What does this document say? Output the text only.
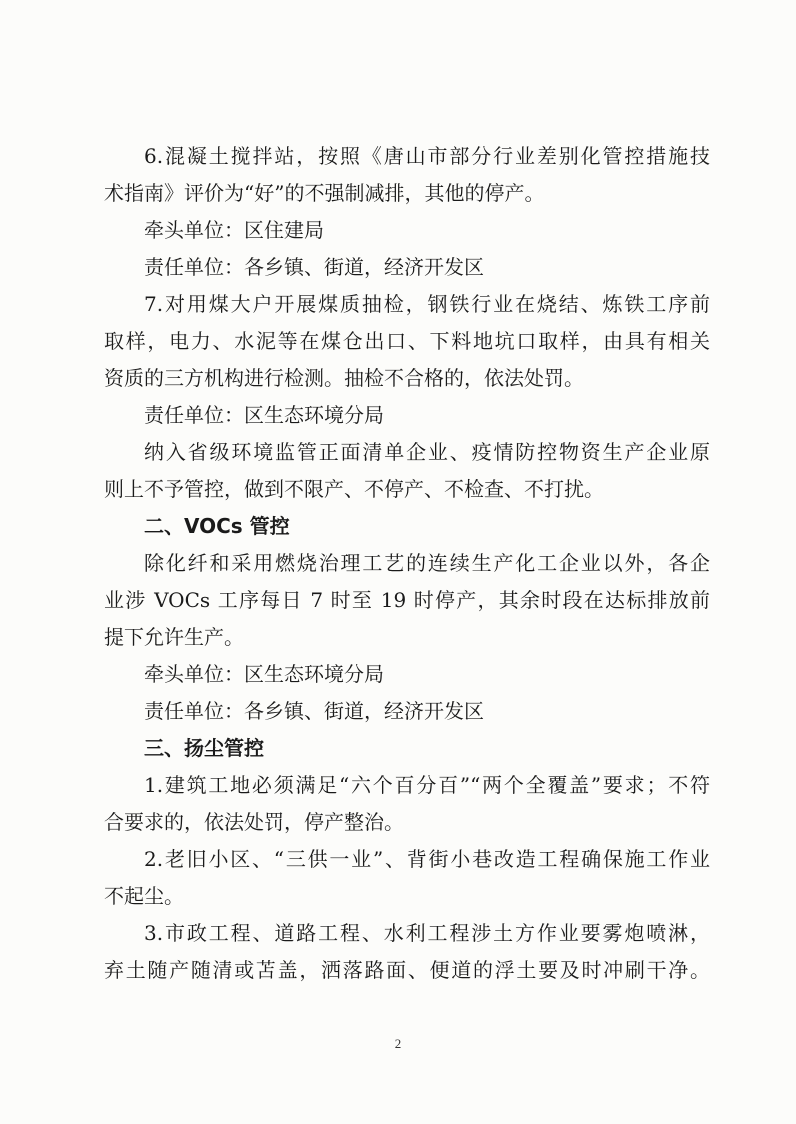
6.混凝土搅拌站，按照《唐山市部分行业差别化管控措施技
术指南》评价为“好”的不强制减排，其他的停产。
牵头单位：区住建局
责任单位：各乡镇、街道，经济开发区
7.对用煤大户开展煤质抽检，钢铁行业在烧结、炼铁工序前
取样，电力、水泥等在煤仓出口、下料地坑口取样，由具有相关
资质的三方机构进行检测。抽检不合格的，依法处罚。
责任单位：区生态环境分局
纳入省级环境监管正面清单企业、疫情防控物资生产企业原
则上不予管控，做到不限产、不停产、不检查、不打扰。
二、VOCs 管控
除化纤和采用燃烧治理工艺的连续生产化工企业以外，各企
业涉 VOCs 工序每日 7 时至 19 时停产，其余时段在达标排放前
提下允许生产。
牵头单位：区生态环境分局
责任单位：各乡镇、街道，经济开发区
三、扬尘管控
1.建筑工地必须满足“六个百分百”“两个全覆盖”要求；不符
合要求的，依法处罚，停产整治。
2.老旧小区、“三供一业”、背街小巷改造工程确保施工作业
不起尘。
3.市政工程、道路工程、水利工程涉土方作业要雾炮喷淋，
弃土随产随清或苫盖，洒落路面、便道的浮土要及时冲刷干净。
2
